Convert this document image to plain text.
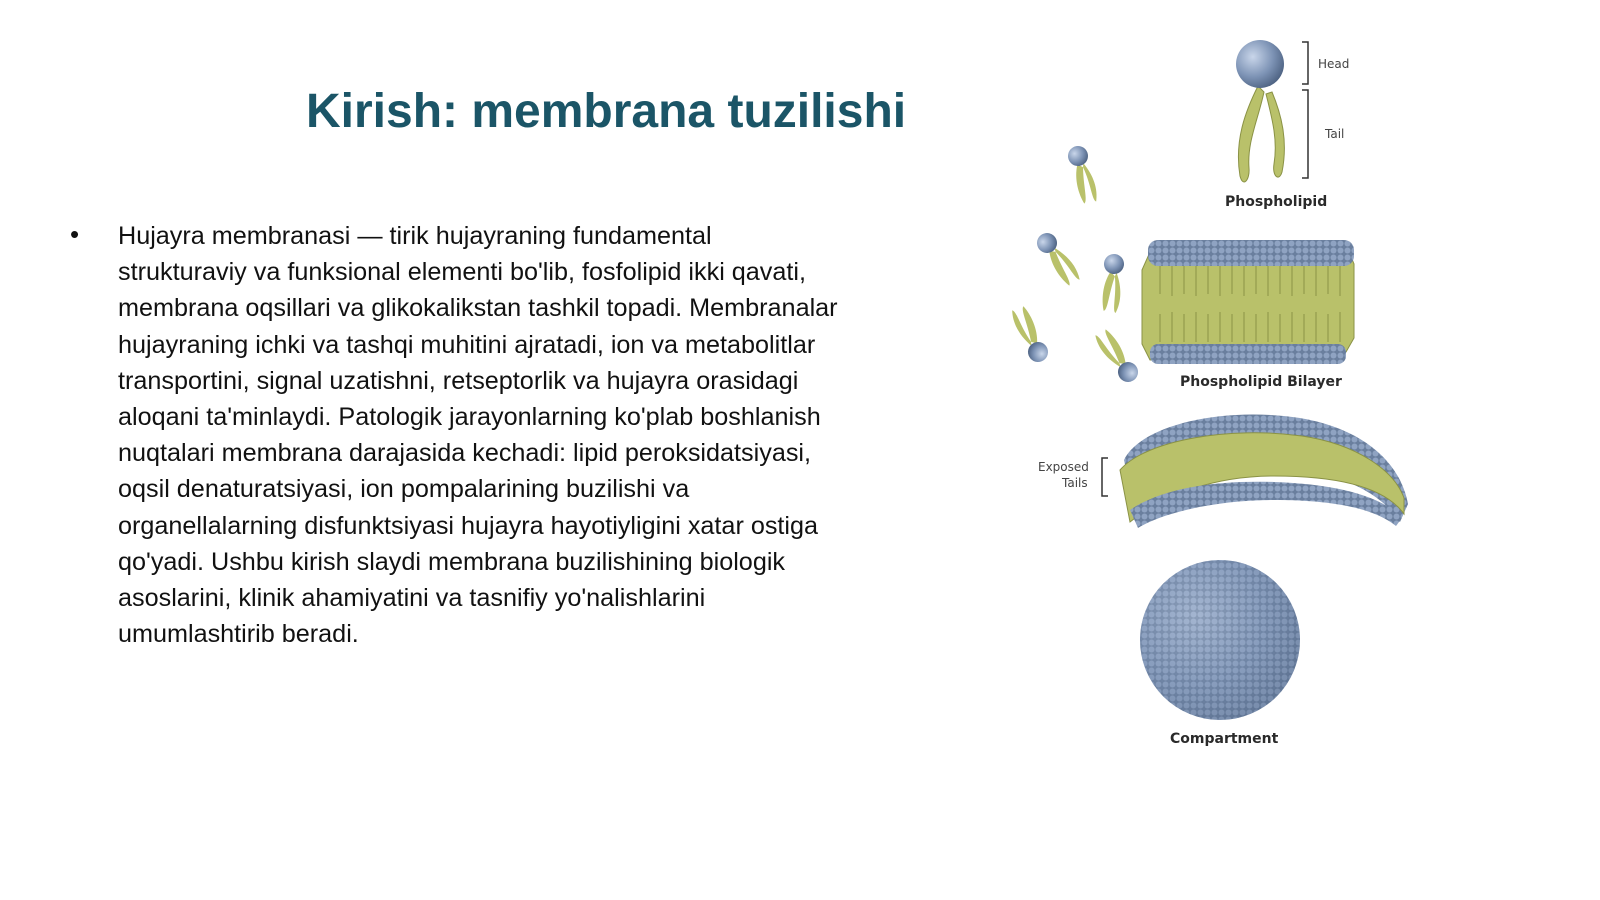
Kirish: membrana tuzilishi
• Hujayra membranasi — tirik hujayraning fundamental strukturaviy va funksional elementi bo'lib, fosfolipid ikki qavati, membrana oqsillari va glikokalikstan tashkil topadi. Membranalar hujayraning ichki va tashqi muhitini ajratadi, ion va metabolitlar transportini, signal uzatishni, retseptorlik va hujayra orasidagi aloqani ta'minlaydi. Patologik jarayonlarning ko'plab boshlanish nuqtalari membrana darajasida kechadi: lipid peroksidatsiyasi, oqsil denaturatsiyasi, ion pompalarining buzilishi va organellalarning disfunktsiyasi hujayra hayotiyligini xatar ostiga qo'yadi. Ushbu kirish slaydi membrana buzilishining biologik asoslarini, klinik ahamiyatini va tasnifiy yo'nalishlarini umumlashtirib beradi.
Head
Tail
Phospholipid
Phospholipid Bilayer
Exposed
Tails
Compartment
